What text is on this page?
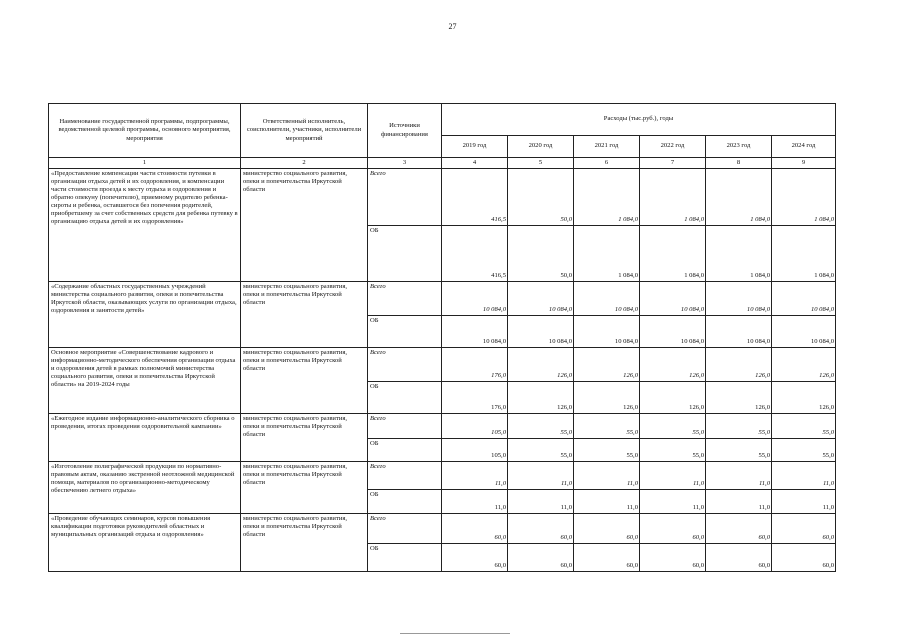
27
Наименование государственной программы, подпрограммы, ведомственной целевой программы, основного мероприятия, мероприятия	Ответственный исполнитель, соисполнители, участники, исполнители мероприятий	Источники финансирования	Расходы (тыс.руб.), годы					
			2019 год	2020 год	2021 год	2022 год	2023 год	2024 год
1	2	3	4	5	6	7	8	9
«Предоставление компенсации части стоимости путевки в организации отдыха детей и их оздоровления, и компенсации части стоимости проезда к месту отдыха и оздоровления и обратно опекуну (попечителю), приемному родителю ребенка-сироты и ребенка, оставшегося без попечения родителей, приобретшему за счет собственных средств для ребенка путевку в организацию отдыха детей и их оздоровления»	министерство социального развития, опеки и попечительства Иркутской области	Всего	416,5	50,0	1 084,0	1 084,0	1 084,0	1 084,0
		ОБ	416,5	50,0	1 084,0	1 084,0	1 084,0	1 084,0
«Содержание областных государственных учреждений министерства социального развития, опеки и попечительства Иркутской области, оказывающих услуги по организации отдыха, оздоровления и занятости детей»	министерство социального развития, опеки и попечительства Иркутской области	Всего	10 084,0	10 084,0	10 084,0	10 084,0	10 084,0	10 084,0
		ОБ	10 084,0	10 084,0	10 084,0	10 084,0	10 084,0	10 084,0
Основное мероприятие «Совершенствование кадрового и информационно-методического обеспечения организации отдыха и оздоровления детей в рамках полномочий министерства социального развития, опеки и попечительства Иркутской области» на 2019-2024 годы	министерство социального развития, опеки и попечительства Иркутской области	Всего	176,0	126,0	126,0	126,0	126,0	126,0
		ОБ	176,0	126,0	126,0	126,0	126,0	126,0
«Ежегодное издание информационно-аналитического сборника о проведении, итогах проведения оздоровительной кампании»	министерство социального развития, опеки и попечительства Иркутской области	Всего	105,0	55,0	55,0	55,0	55,0	55,0
		ОБ	105,0	55,0	55,0	55,0	55,0	55,0
«Изготовление полиграфической продукции по нормативно-правовым актам, оказанию экстренной неотложной медицинской помощи, материалов по организационно-методическому обеспечению летнего отдыха»	министерство социального развития, опеки и попечительства Иркутской области	Всего	11,0	11,0	11,0	11,0	11,0	11,0
		ОБ	11,0	11,0	11,0	11,0	11,0	11,0
«Проведение обучающих семинаров, курсов повышения квалификации подготовки руководителей областных и муниципальных организаций отдыха и оздоровления»	министерство социального развития, опеки и попечительства Иркутской области	Всего	60,0	60,0	60,0	60,0	60,0	60,0
		ОБ	60,0	60,0	60,0	60,0	60,0	60,0
